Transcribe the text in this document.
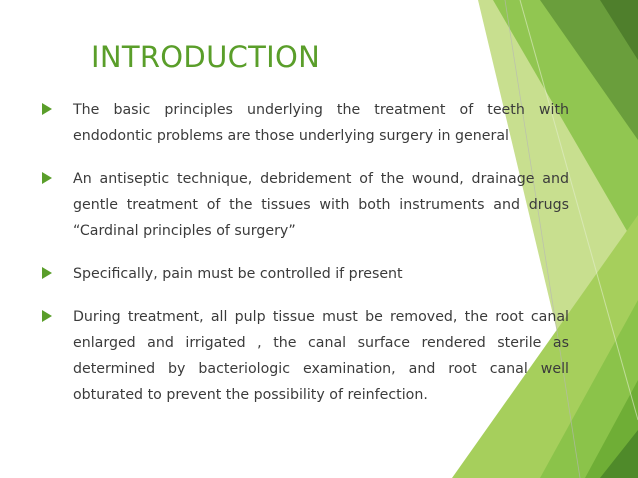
INTRODUCTION
The basic principles underlying the treatment of teeth with endodontic problems are those underlying surgery in general
An antiseptic technique, debridement of the wound, drainage and gentle treatment of the tissues with both instruments and drugs “Cardinal principles of surgery”
Specifically, pain must be controlled if present
During treatment, all pulp tissue must be removed, the root canal enlarged and irrigated , the canal surface rendered sterile as determined by bacteriologic examination, and root canal well obturated to prevent the possibility of reinfection.
